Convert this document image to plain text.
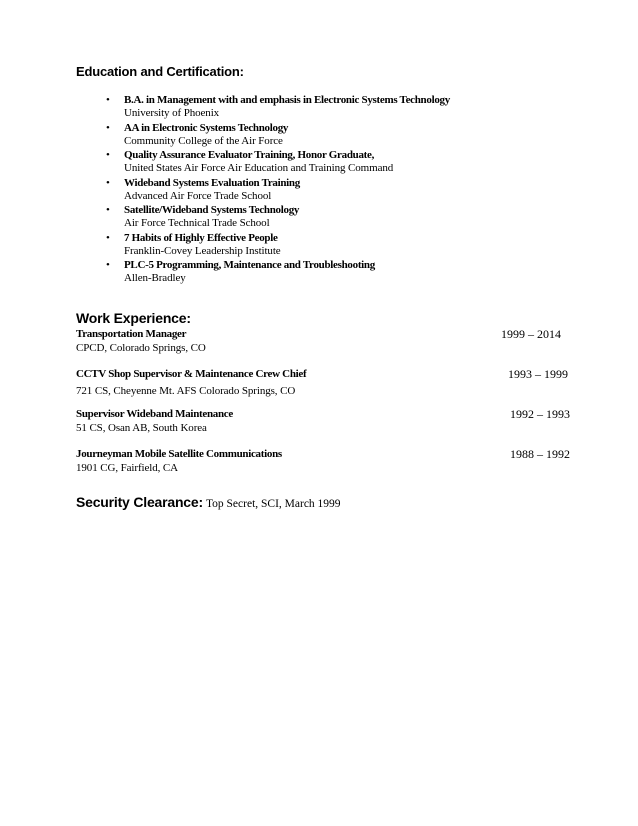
Education and Certification:
• B.A. in Management with and emphasis in Electronic Systems Technology
University of Phoenix
• AA in Electronic Systems Technology
Community College of the Air Force
• Quality Assurance Evaluator Training, Honor Graduate,
United States Air Force Air Education and Training Command
• Wideband Systems Evaluation Training
Advanced Air Force Trade School
• Satellite/Wideband Systems Technology
Air Force Technical Trade School
• 7 Habits of Highly Effective People
Franklin-Covey Leadership Institute
• PLC-5 Programming, Maintenance and Troubleshooting
Allen-Bradley
Work Experience:
Transportation Manager	1999 – 2014
CPCD, Colorado Springs, CO
CCTV Shop Supervisor & Maintenance Crew Chief	1993 – 1999
721 CS, Cheyenne Mt. AFS Colorado Springs, CO
Supervisor Wideband Maintenance	1992 – 1993
51 CS, Osan AB, South Korea
Journeyman Mobile Satellite Communications	1988 – 1992
1901 CG, Fairfield, CA
Security Clearance: Top Secret, SCI, March 1999
